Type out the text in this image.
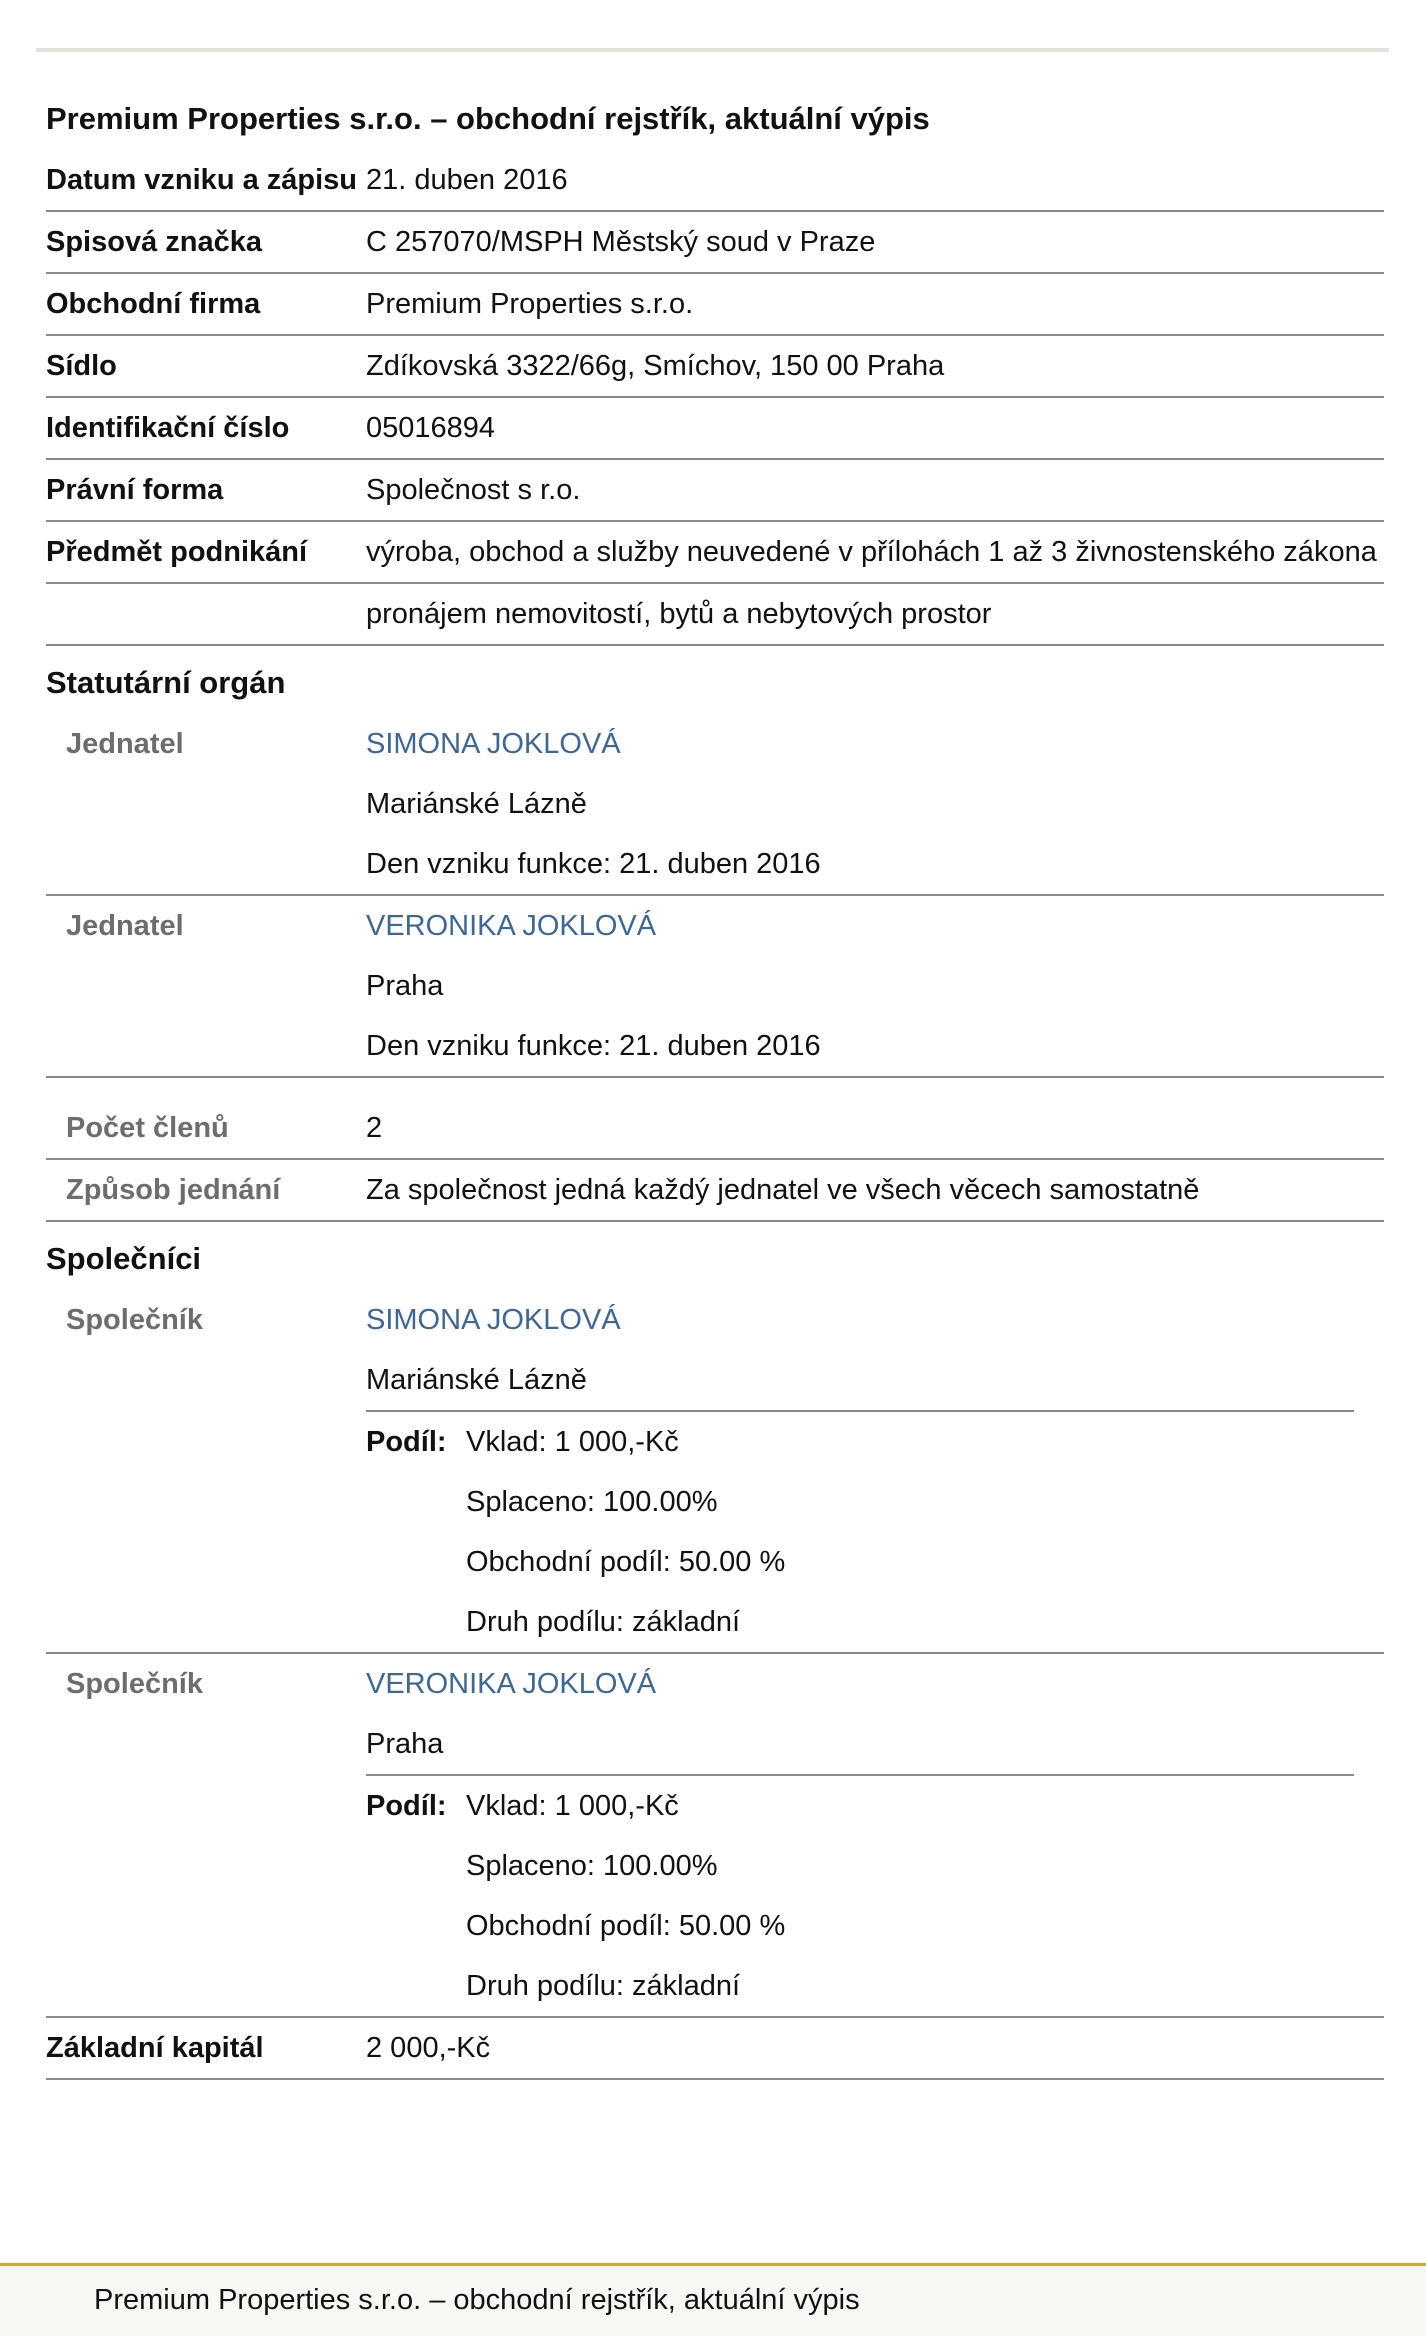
Premium Properties s.r.o. – obchodní rejstřík, aktuální výpis
Datum vzniku a zápisu 21. duben 2016
Spisová značka	C 257070/MSPH Městský soud v Praze
Obchodní firma	Premium Properties s.r.o.
Sídlo	Zdíkovská 3322/66g, Smíchov, 150 00 Praha
Identifikační číslo	05016894
Právní forma	Společnost s r.o.
Předmět podnikání	výroba, obchod a služby neuvedené v přílohách 1 až 3 živnostenského zákona
pronájem nemovitostí, bytů a nebytových prostor
Statutární orgán
Jednatel	SIMONA JOKLOVÁ
Mariánské Lázně
Den vzniku funkce: 21. duben 2016
Jednatel	VERONIKA JOKLOVÁ
Praha
Den vzniku funkce: 21. duben 2016
Počet členů	2
Způsob jednání	Za společnost jedná každý jednatel ve všech věcech samostatně
Společníci
Společník	SIMONA JOKLOVÁ
Mariánské Lázně
Podíl: Vklad: 1 000,-Kč
Splaceno: 100.00%
Obchodní podíl: 50.00 %
Druh podílu: základní
Společník	VERONIKA JOKLOVÁ
Praha
Podíl: Vklad: 1 000,-Kč
Splaceno: 100.00%
Obchodní podíl: 50.00 %
Druh podílu: základní
Základní kapitál	2 000,-Kč
Premium Properties s.r.o. – obchodní rejstřík, aktuální výpis
